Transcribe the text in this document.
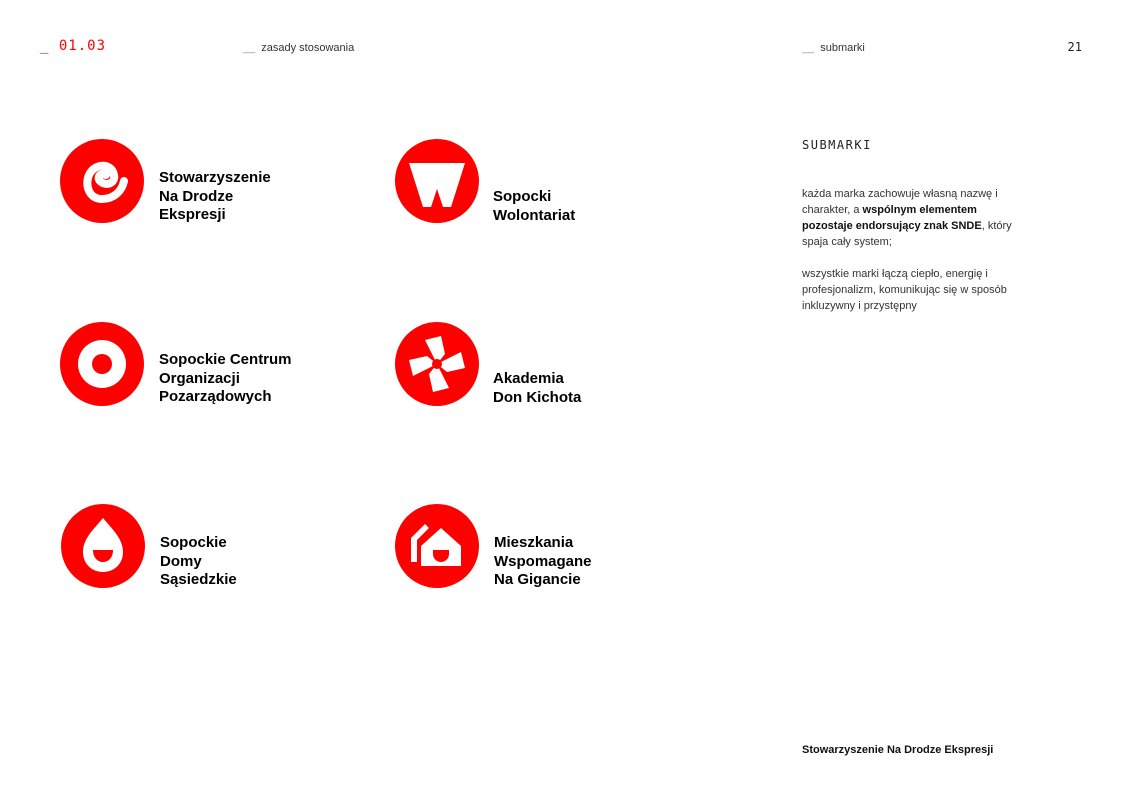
_ 01.03	__ zasady stosowania	__ submarki	21
Stowarzyszenie
Na Drodze
Ekspresji
Sopocki
Wolontariat
Sopockie Centrum
Organizacji
Pozarządowych
Akademia
Don Kichota
Sopockie
Domy
Sąsiedzkie
Mieszkania
Wspomagane
Na Gigancie
SUBMARKI
każda marka zachowuje własną nazwę i charakter, a wspólnym elementem pozostaje endorsujący znak SNDE, który spaja cały system;
wszystkie marki łączą ciepło, energię i profesjonalizm, komunikując się w sposób inkluzywny i przystępny
Stowarzyszenie Na Drodze Ekspresji
